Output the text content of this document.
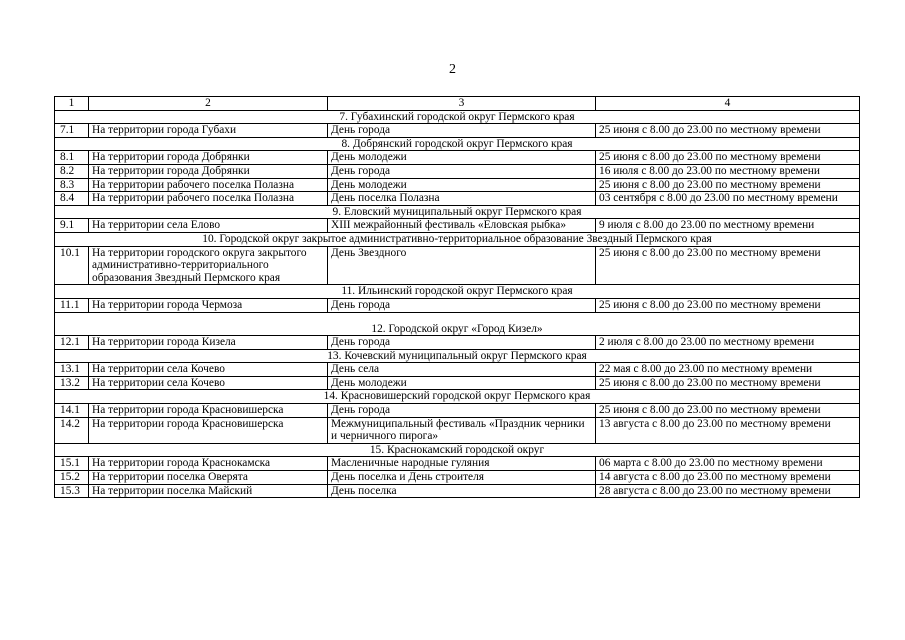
2
1	2	3	4
7. Губахинский городской округ Пермского края			
7.1	На территории города Губахи	День города	25 июня с 8.00 до 23.00 по местному времени
8. Добрянский городской округ Пермского края			
8.1	На территории города Добрянки	День молодежи	25 июня с 8.00 до 23.00 по местному времени
8.2	На территории города Добрянки	День города	16 июля с 8.00 до 23.00 по местному времени
8.3	На территории рабочего поселка Полазна	День молодежи	25 июня с 8.00 до 23.00 по местному времени
8.4	На территории рабочего поселка Полазна	День поселка Полазна	03 сентября с 8.00 до 23.00 по местному времени
9. Еловский муниципальный округ Пермского края			
9.1	На территории села Елово	XIII межрайонный фестиваль «Еловская рыбка»	9 июля с 8.00 до 23.00 по местному времени
10. Городской округ закрытое административно-территориальное образование Звездный Пермского края			
10.1	На территории городского округа закрытого административно-территориального образования Звездный Пермского края	День Звездного	25 июня с 8.00 до 23.00 по местному времени
11. Ильинский городской округ Пермского края			
11.1	На территории города Чермоза	День города	25 июня с 8.00 до 23.00 по местному времени
12. Городской округ «Город Кизел»			
12.1	На территории города Кизела	День города	2 июля с 8.00 до 23.00 по местному времени
13. Кочевский муниципальный округ Пермского края			
13.1	На территории села Кочево	День села	22 мая с 8.00 до 23.00 по местному времени
13.2	На территории села Кочево	День молодежи	25 июня с 8.00 до 23.00 по местному времени
14. Красновишерский городской округ Пермского края			
14.1	На территории города Красновишерска	День города	25 июня с 8.00 до 23.00 по местному времени
14.2	На территории города Красновишерска	Межмуниципальный фестиваль «Праздник черники и черничного пирога»	13 августа с 8.00 до 23.00 по местному времени
15. Краснокамский городской округ			
15.1	На территории города Краснокамска	Масленичные народные гуляния	06 марта с 8.00 до 23.00 по местному времени
15.2	На территории поселка Оверята	День поселка и День строителя	14 августа с 8.00 до 23.00 по местному времени
15.3	На территории поселка Майский	День поселка	28 августа с 8.00 до 23.00 по местному времени
